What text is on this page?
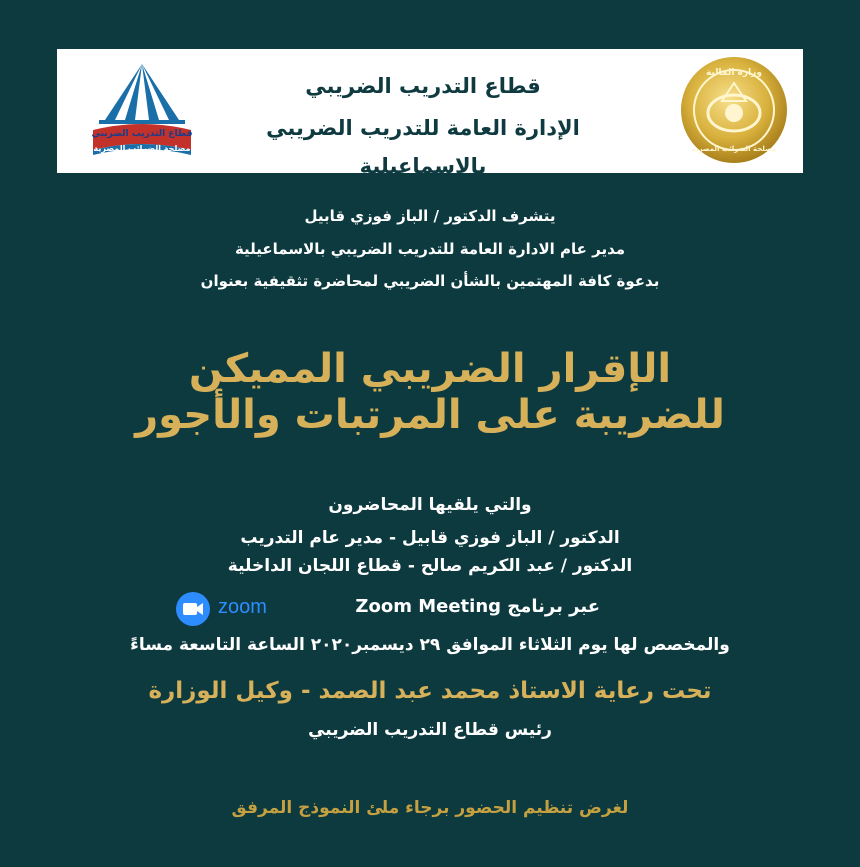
قطاع التدريب الضريبي
مصلحة الضرائب المصرية
قطاع التدريب الضريبي
الإدارة العامة للتدريب الضريبي بالإسماعيلية
وزارة المالية
مصلحة الضرائب المصرية
يتشرف الدكتور / الباز فوزي قابيل
مدير عام الادارة العامة للتدريب الضريبي بالاسماعيلية
بدعوة كافة المهتمين بالشأن الضريبي لمحاضرة تثقيفية بعنوان
الإقرار الضريبي المميكن
للضريبة على المرتبات والأجور
والتي يلقيها المحاضرون
الدكتور / الباز فوزي قابيل - مدير عام التدريب
الدكتور / عبد الكريم صالح - قطاع اللجان الداخلية
zoom	عبر برنامج Zoom Meeting
والمخصص لها يوم الثلاثاء الموافق ٢٩ ديسمبر٢٠٢٠ الساعة التاسعة مساءً
تحت رعاية الاستاذ محمد عبد الصمد - وكيل الوزارة
رئيس قطاع التدريب الضريبي
لغرض تنظيم الحضور برجاء ملئ النموذج المرفق
